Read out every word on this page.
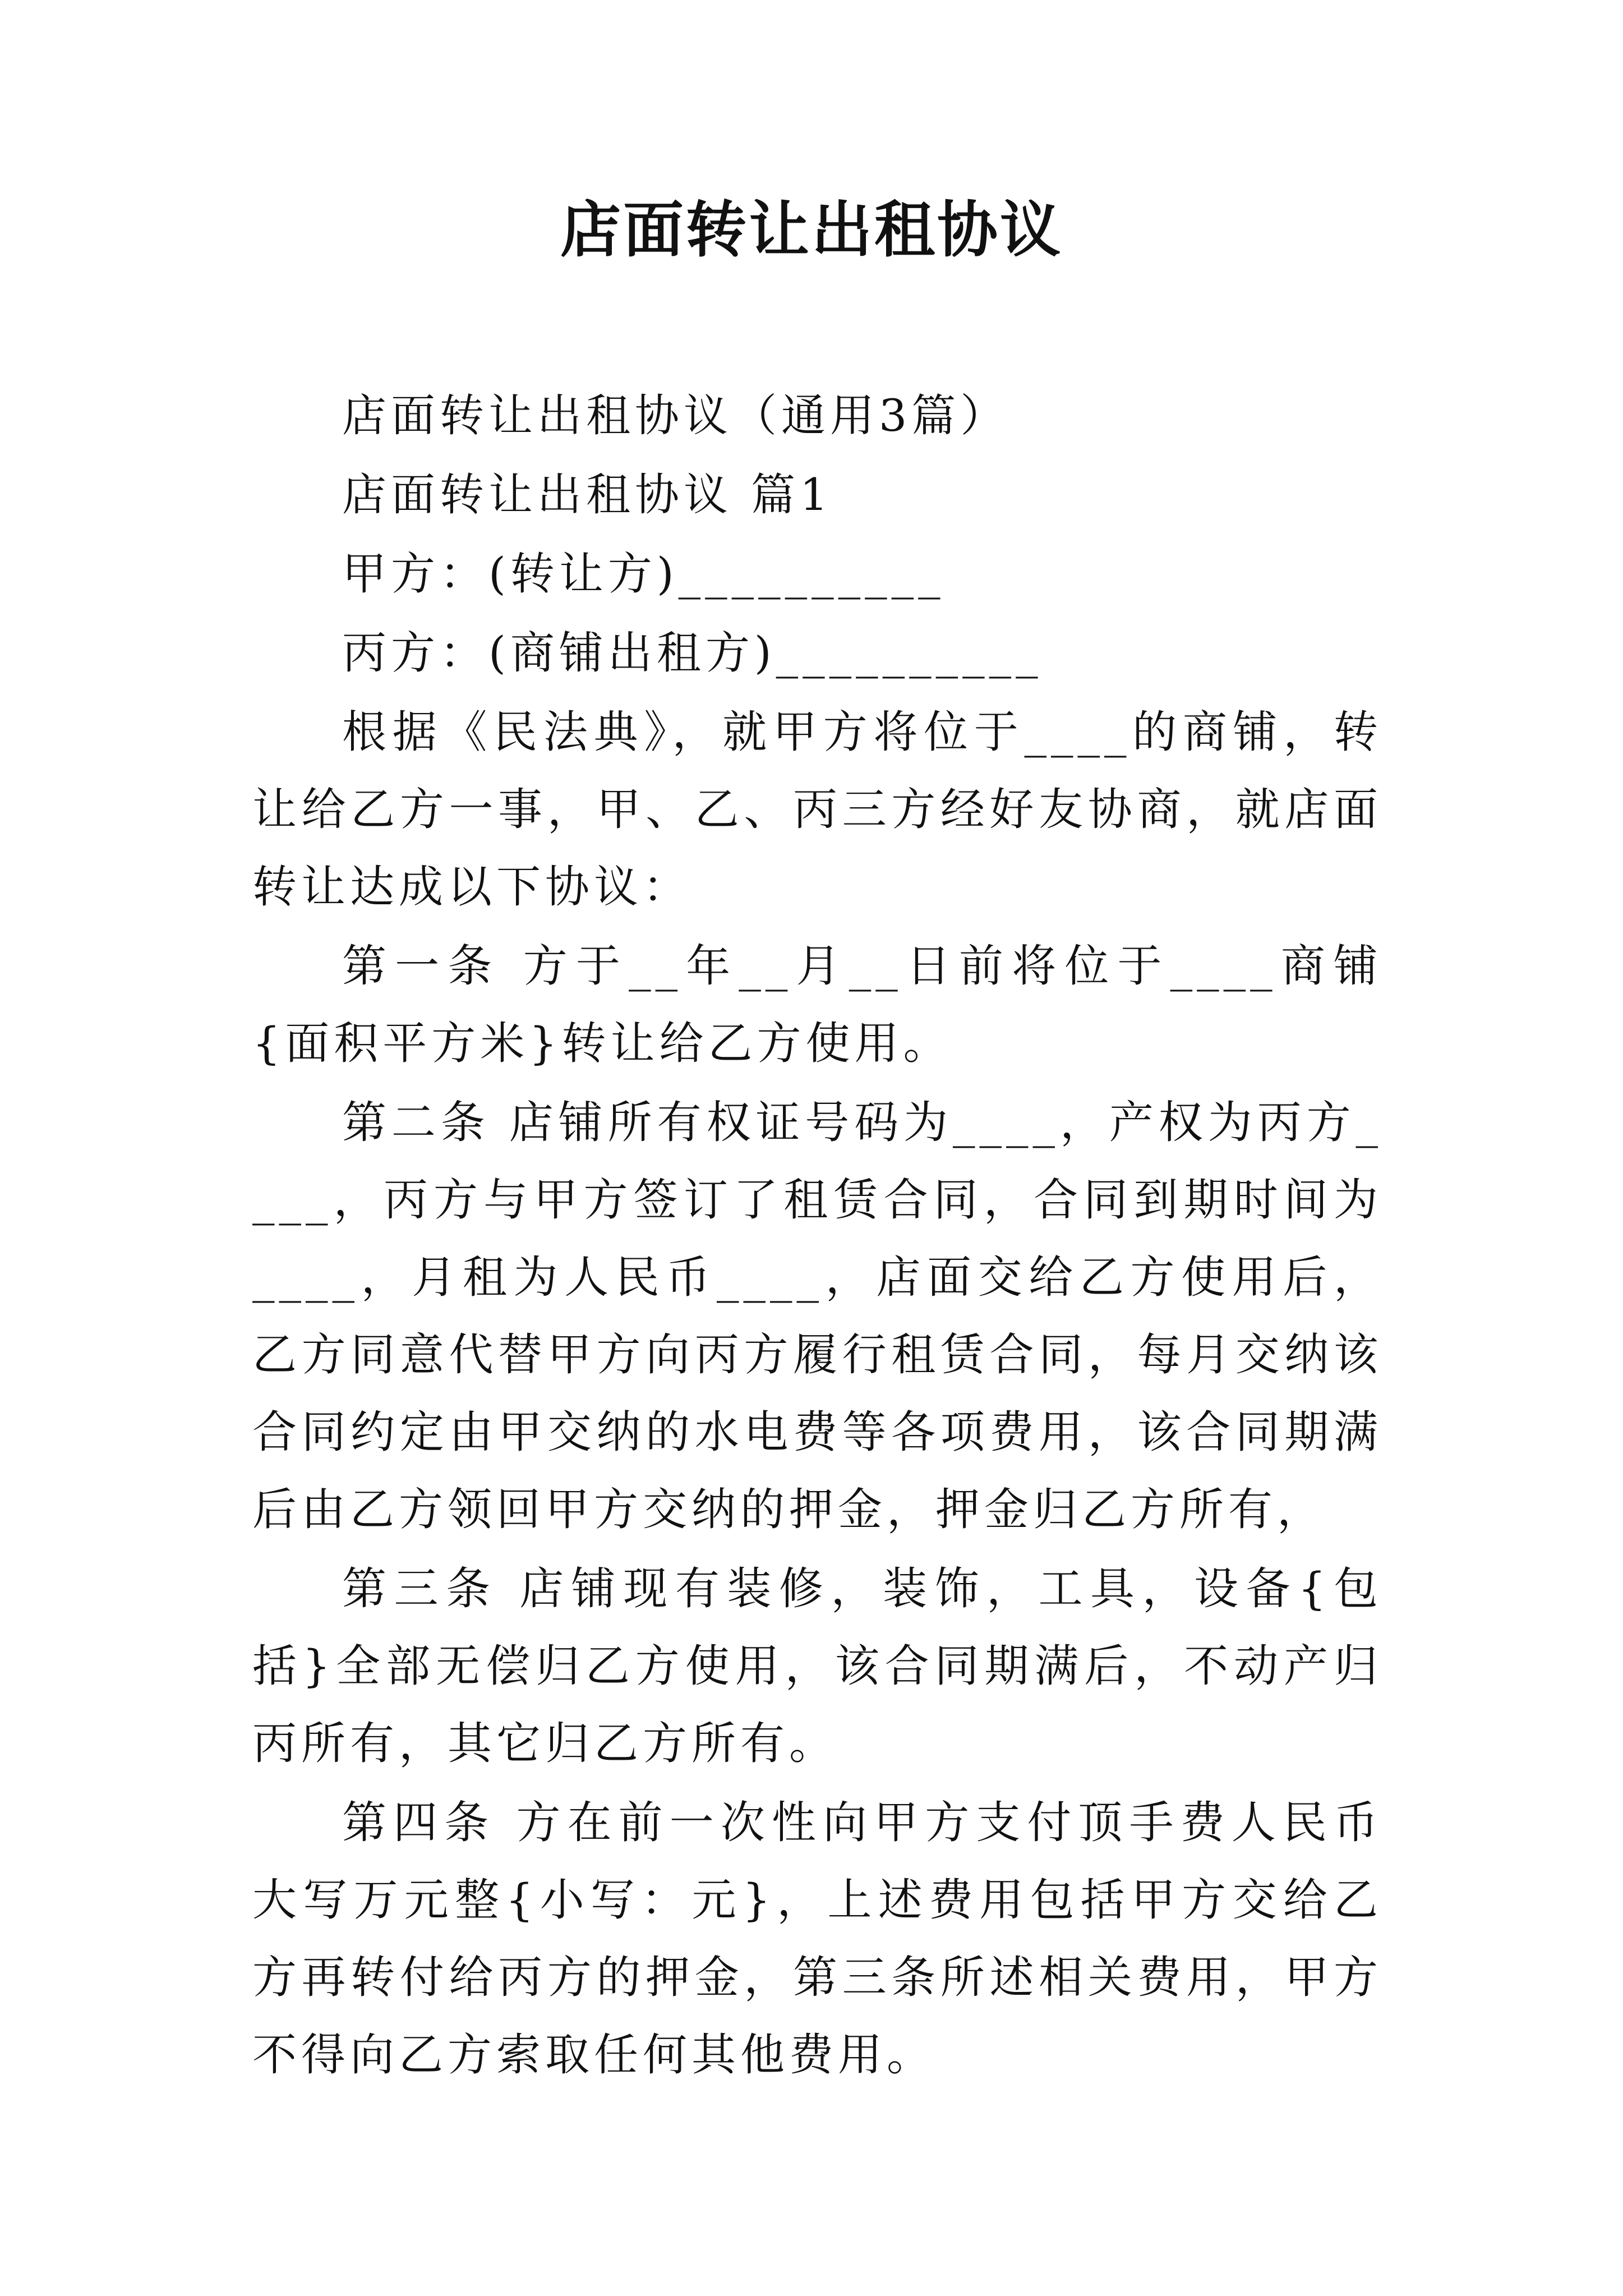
店面转让出租协议

店面转让出租协议（通用3篇）

店面转让出租协议 篇1

甲方：(转让方)__________

丙方：(商铺出租方)__________

根据《民法典》，就甲方将位于____的商铺，转让给乙方一事，甲、乙、丙三方经好友协商，就店面转让达成以下协议：

第一条 方于__年__月__日前将位于____商铺{面积平方米}转让给乙方使用。

第二条 店铺所有权证号码为____，产权为丙方____，丙方与甲方签订了租赁合同，合同到期时间为____，月租为人民币____，店面交给乙方使用后，乙方同意代替甲方向丙方履行租赁合同，每月交纳该合同约定由甲交纳的水电费等各项费用，该合同期满后由乙方领回甲方交纳的押金，押金归乙方所有，

第三条 店铺现有装修，装饰，工具，设备{包括}全部无偿归乙方使用，该合同期满后，不动产归丙所有，其它归乙方所有。

第四条 方在前一次性向甲方支付顶手费人民币大写万元整{小写：元}，上述费用包括甲方交给乙方再转付给丙方的押金，第三条所述相关费用，甲方不得向乙方索取任何其他费用。
